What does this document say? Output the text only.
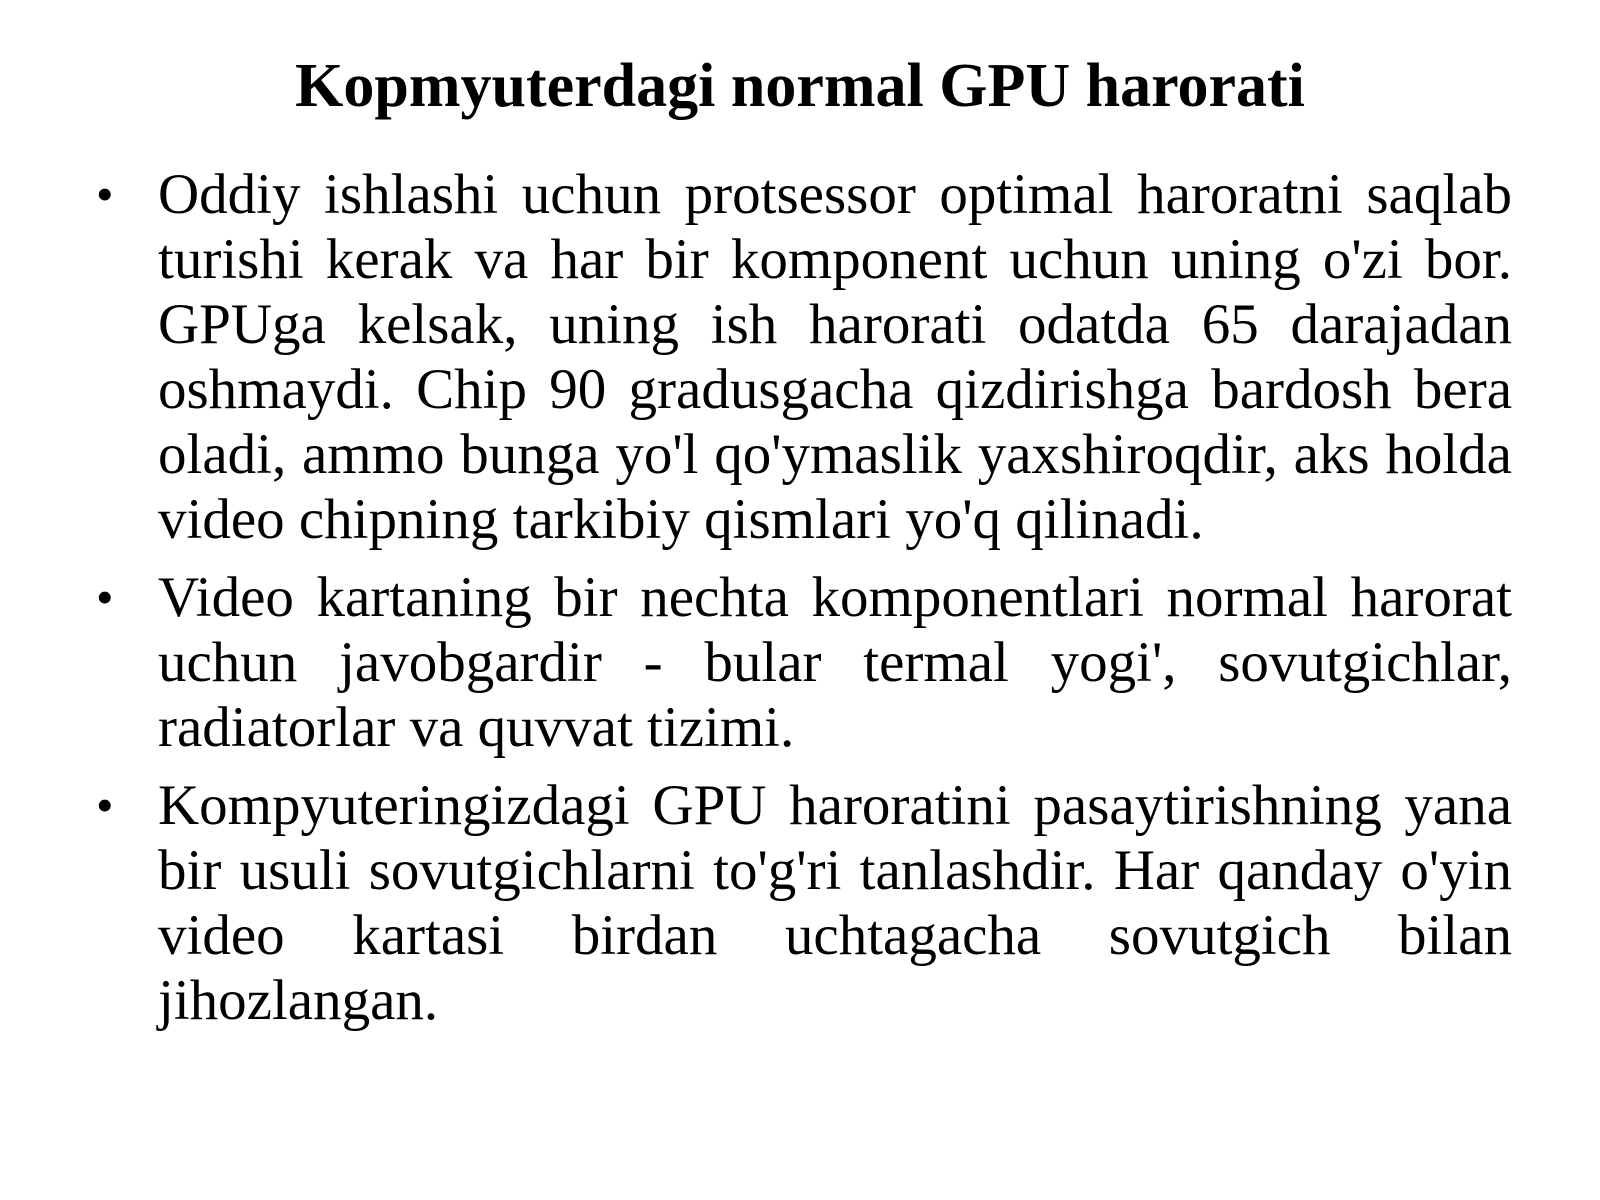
Kopmyuterdagi normal GPU harorati
• Oddiy ishlashi uchun protsessor optimal haroratni saqlab turishi kerak va har bir komponent uchun uning o'zi bor. GPUga kelsak, uning ish harorati odatda 65 darajadan oshmaydi. Chip 90 gradusgacha qizdirishga bardosh bera oladi, ammo bunga yo'l qo'ymaslik yaxshiroqdir, aks holda video chipning tarkibiy qismlari yo'q qilinadi.
• Video kartaning bir nechta komponentlari normal harorat uchun javobgardir - bular termal yogi', sovutgichlar, radiatorlar va quvvat tizimi.
• Kompyuteringizdagi GPU haroratini pasaytirishning yana bir usuli sovutgichlarni to'g'ri tanlashdir. Har qanday o'yin video kartasi birdan uchtagacha sovutgich bilan jihozlangan.
